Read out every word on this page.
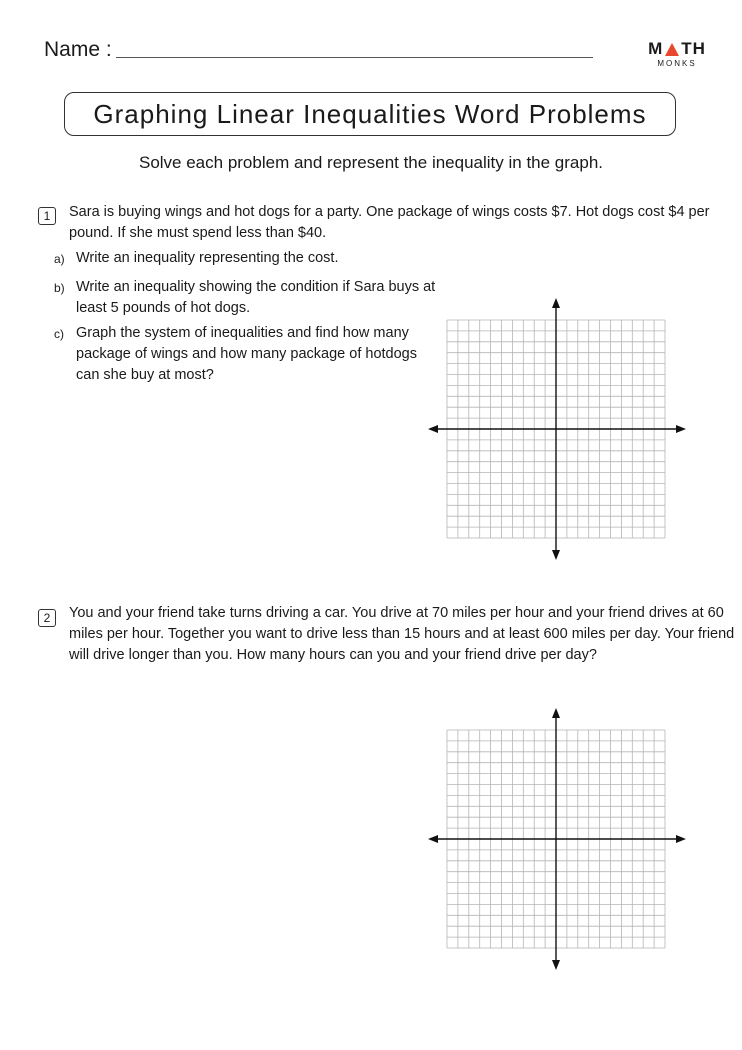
Name :	M TH
MONKS
Graphing Linear Inequalities Word Problems
Solve each problem and represent the inequality in the graph.
1	Sara is buying wings and hot dogs for a party. One package of wings costs $7. Hot dogs cost $4 per
pound. If she must spend less than $40.
a) Write an inequality representing the cost.
b) Write an inequality showing the condition if Sara buys at
least 5 pounds of hot dogs.
c) Graph the system of inequalities and find how many
package of wings and how many package of hotdogs
can she buy at most?
2	You and your friend take turns driving a car. You drive at 70 miles per hour and your friend drives at 60
miles per hour. Together you want to drive less than 15 hours and at least 600 miles per day. Your friend
will drive longer than you. How many hours can you and your friend drive per day?
